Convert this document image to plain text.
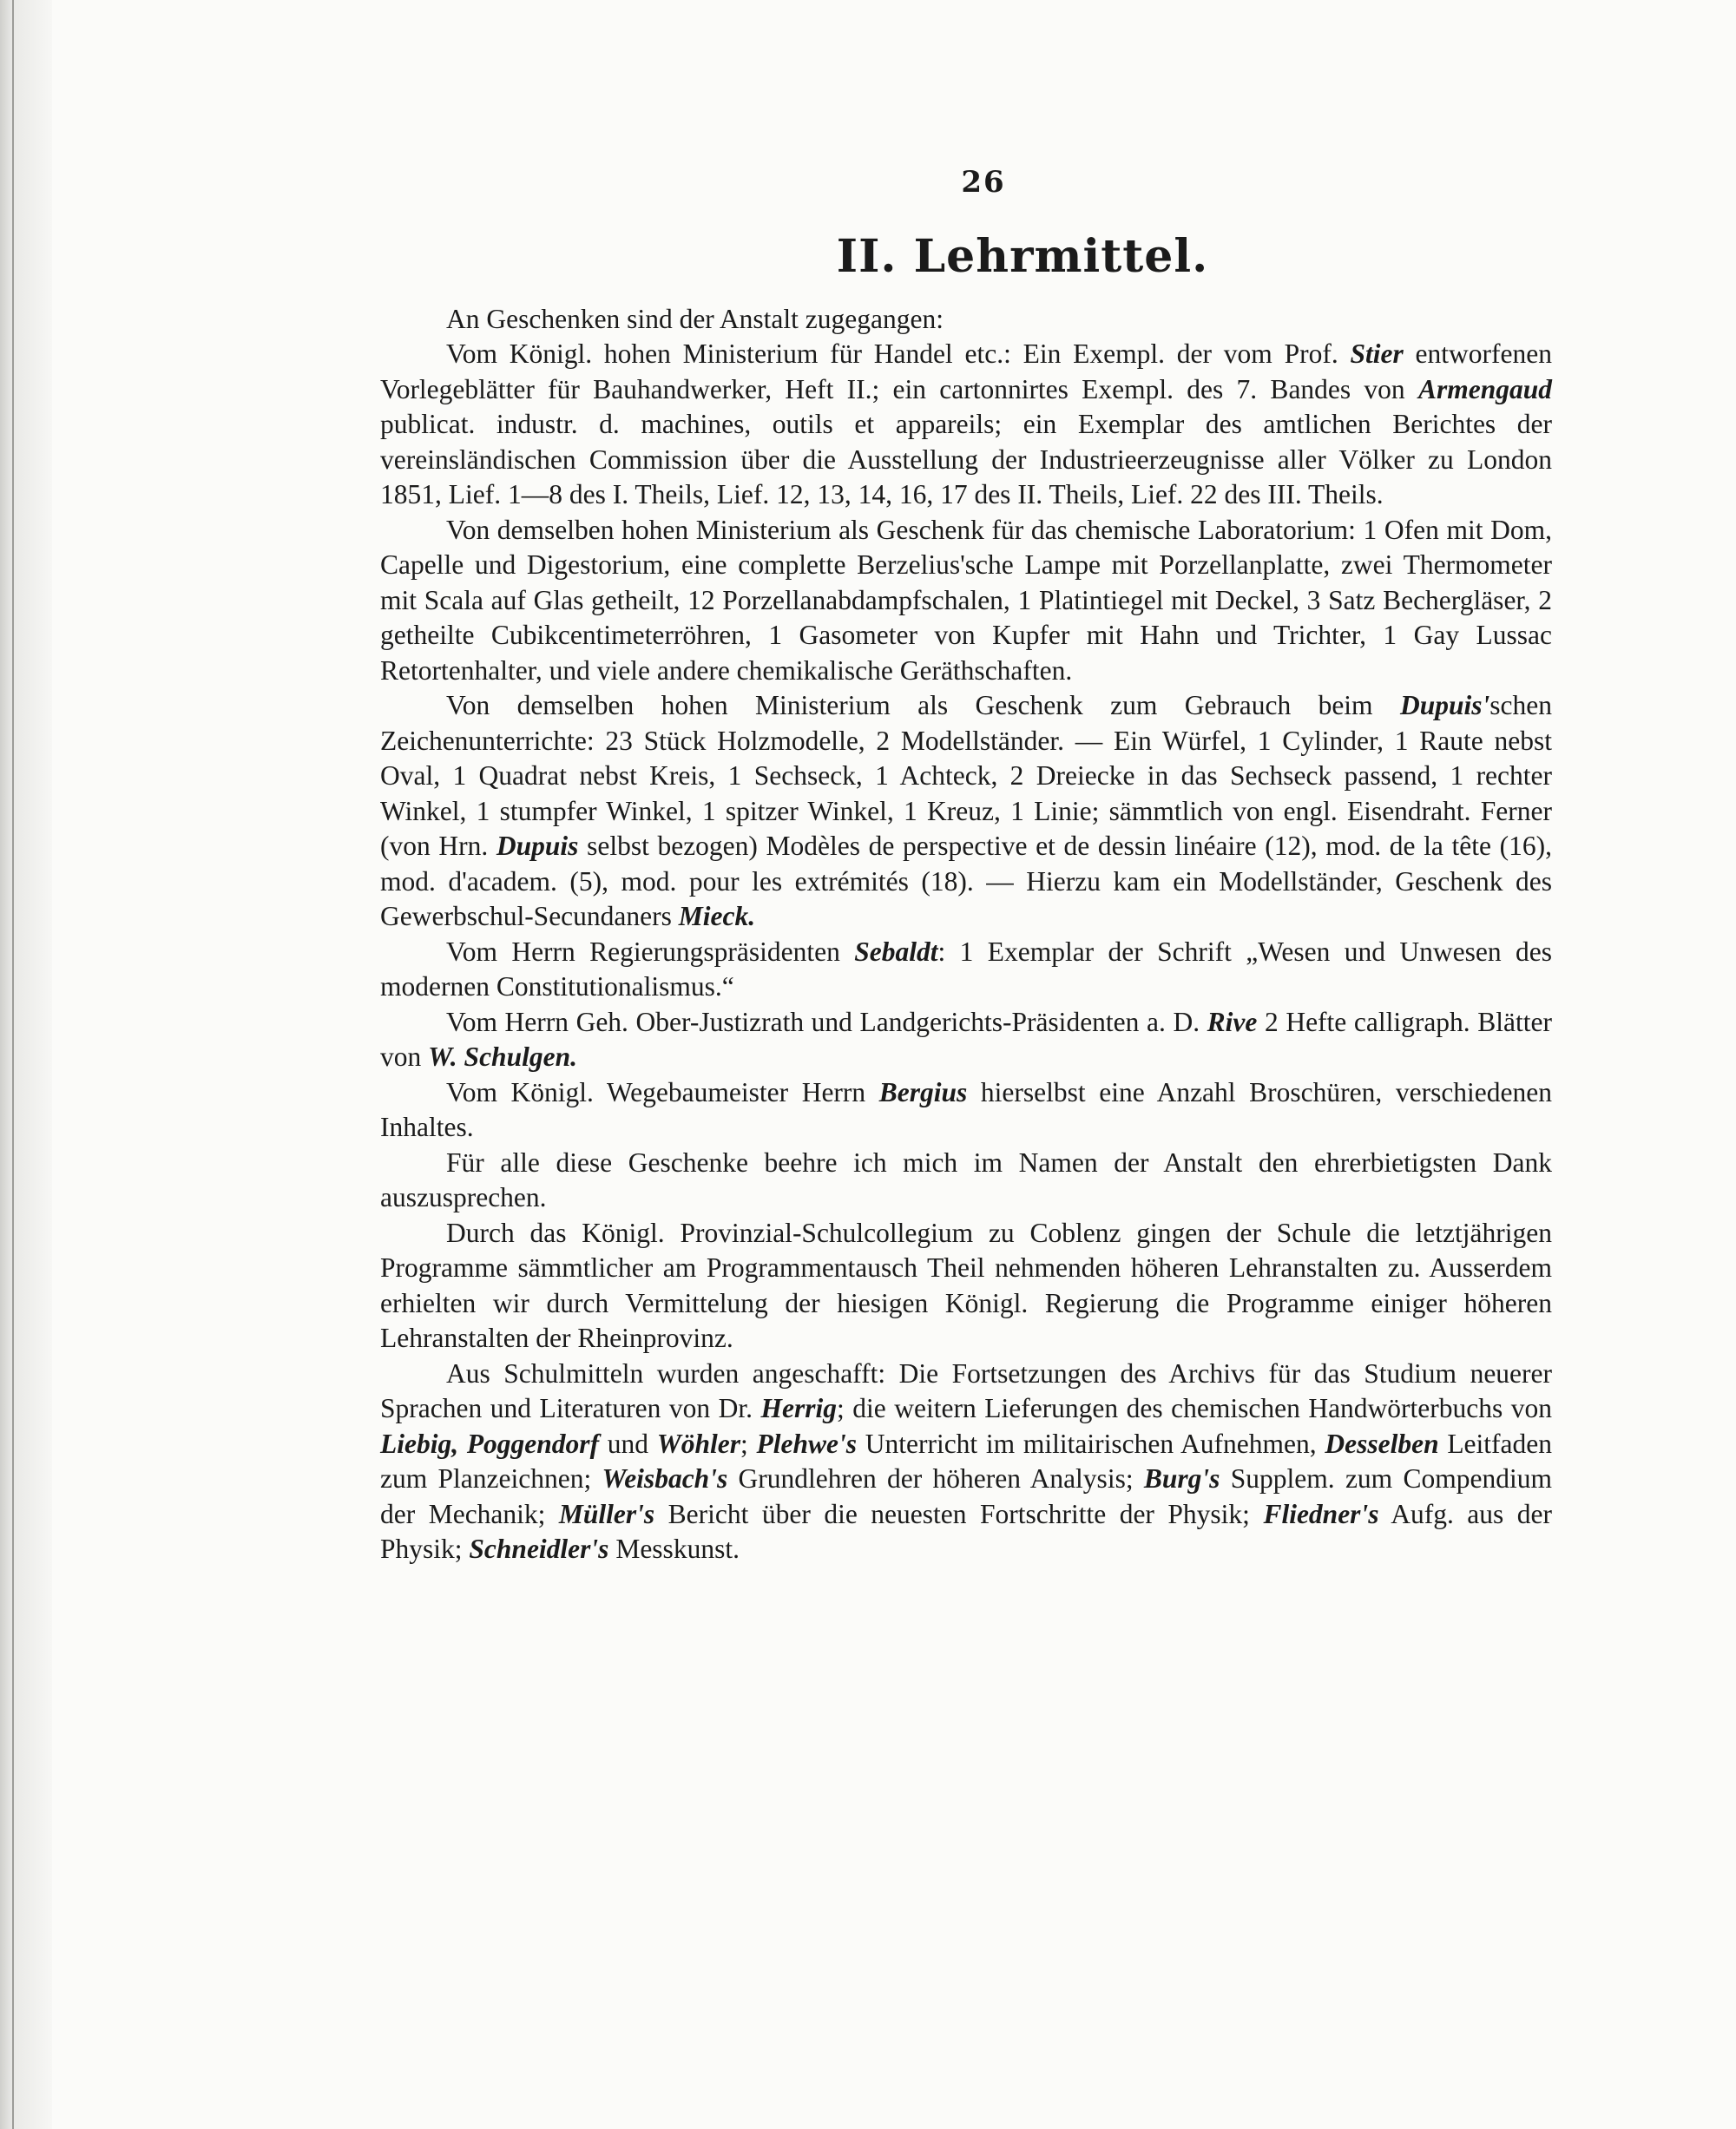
26
II. Lehrmittel.

An Geschenken sind der Anstalt zugegangen:

Vom Königl. hohen Ministerium für Handel etc.: Ein Exempl. der vom Prof. Stier entworfenen Vorlegeblätter für Bauhandwerker, Heft II.; ein cartonnirtes Exempl. des 7. Bandes von Armengaud publicat. industr. d. machines, outils et appareils; ein Exemplar des amtlichen Berichtes der vereinsländischen Commission über die Ausstellung der Industrieerzeugnisse aller Völker zu London 1851, Lief. 1—8 des I. Theils, Lief. 12, 13, 14, 16, 17 des II. Theils, Lief. 22 des III. Theils.

Von demselben hohen Ministerium als Geschenk für das chemische Laboratorium: 1 Ofen mit Dom, Capelle und Digestorium, eine complette Berzelius'sche Lampe mit Porzellanplatte, zwei Thermometer mit Scala auf Glas getheilt, 12 Porzellanabdampfschalen, 1 Platintiegel mit Deckel, 3 Satz Bechergläser, 2 getheilte Cubikcentimeterröhren, 1 Gasometer von Kupfer mit Hahn und Trichter, 1 Gay Lussac Retortenhalter, und viele andere chemikalische Geräthschaften.

Von demselben hohen Ministerium als Geschenk zum Gebrauch beim Dupuis'schen Zeichenunterrichte: 23 Stück Holzmodelle, 2 Modellständer. — Ein Würfel, 1 Cylinder, 1 Raute nebst Oval, 1 Quadrat nebst Kreis, 1 Sechseck, 1 Achteck, 2 Dreiecke in das Sechseck passend, 1 rechter Winkel, 1 stumpfer Winkel, 1 spitzer Winkel, 1 Kreuz, 1 Linie; sämmtlich von engl. Eisendraht. Ferner (von Hrn. Dupuis selbst bezogen) Modèles de perspective et de dessin linéaire (12), mod. de la tête (16), mod. d'academ. (5), mod. pour les extrémités (18). — Hierzu kam ein Modellständer, Geschenk des Gewerbschul-Secundaners Mieck.

Vom Herrn Regierungspräsidenten Sebaldt: 1 Exemplar der Schrift „Wesen und Unwesen des modernen Constitutionalismus.“

Vom Herrn Geh. Ober-Justizrath und Landgerichts-Präsidenten a. D. Rive 2 Hefte calligraph. Blätter von W. Schulgen.

Vom Königl. Wegebaumeister Herrn Bergius hierselbst eine Anzahl Broschüren, verschiedenen Inhaltes.

Für alle diese Geschenke beehre ich mich im Namen der Anstalt den ehrerbietigsten Dank auszusprechen.

Durch das Königl. Provinzial-Schulcollegium zu Coblenz gingen der Schule die letztjährigen Programme sämmtlicher am Programmentausch Theil nehmenden höheren Lehranstalten zu. Ausserdem erhielten wir durch Vermittelung der hiesigen Königl. Regierung die Programme einiger höheren Lehranstalten der Rheinprovinz.

Aus Schulmitteln wurden angeschafft: Die Fortsetzungen des Archivs für das Studium neuerer Sprachen und Literaturen von Dr. Herrig; die weitern Lieferungen des chemischen Handwörterbuchs von Liebig, Poggendorf und Wöhler; Plehwe's Unterricht im militairischen Aufnehmen, Desselben Leitfaden zum Planzeichnen; Weisbach's Grundlehren der höheren Analysis; Burg's Supplem. zum Compendium der Mechanik; Müller's Bericht über die neuesten Fortschritte der Physik; Fliedner's Aufg. aus der Physik; Schneidler's Messkunst.
